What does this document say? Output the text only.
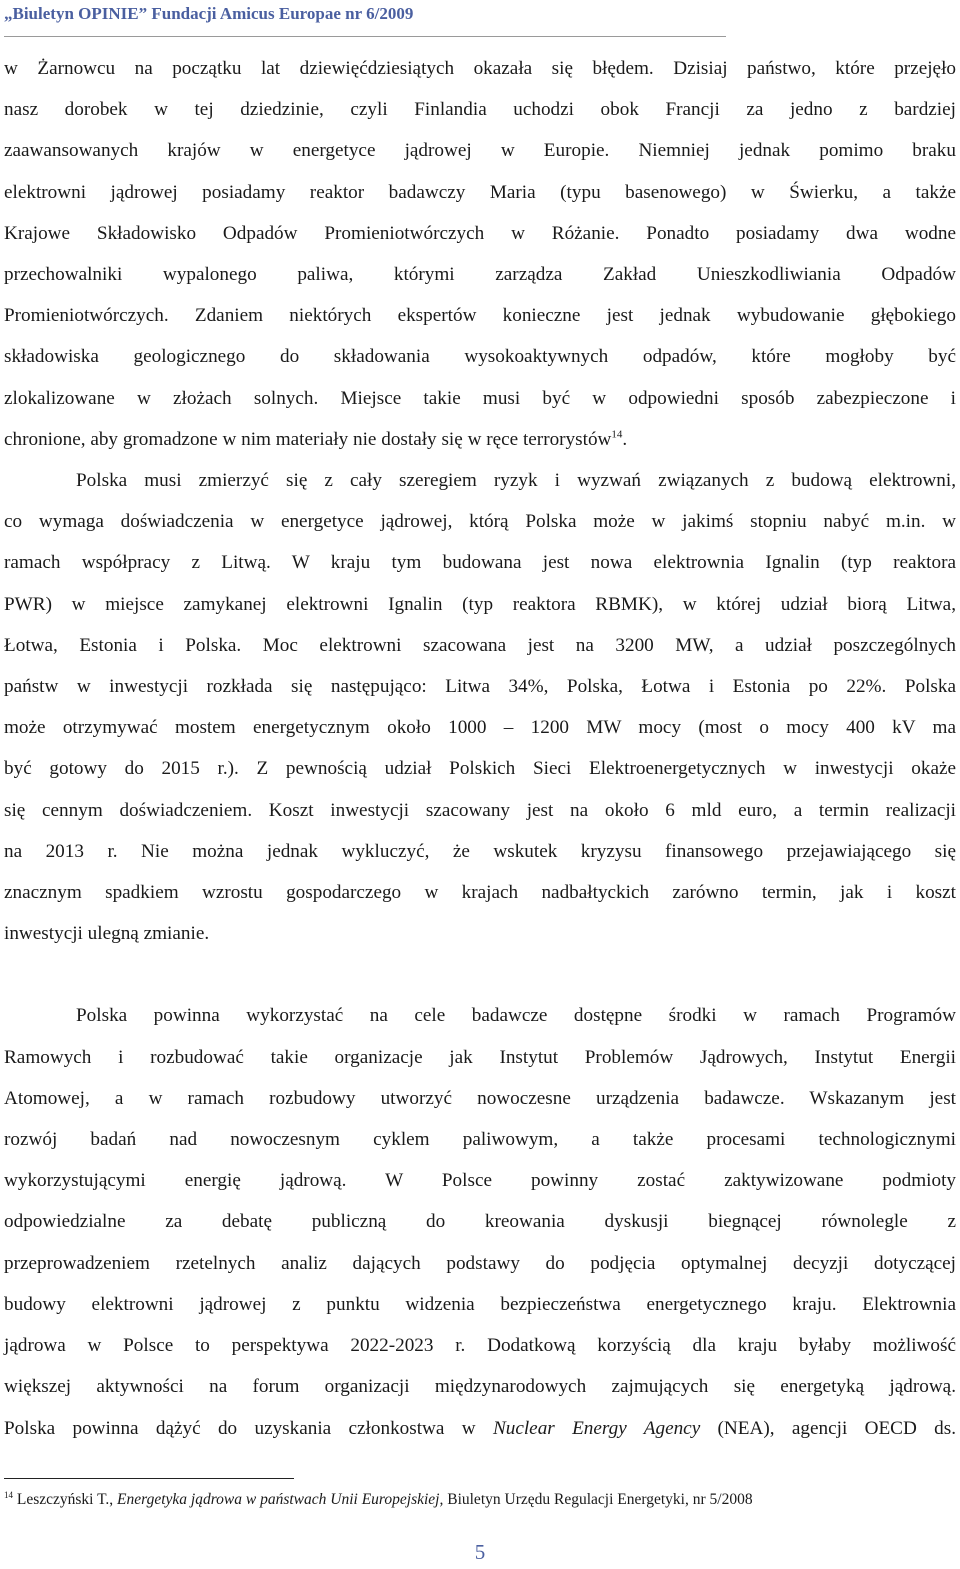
„Biuletyn OPINIE” Fundacji Amicus Europae nr 6/2009
w Żarnowcu na początku lat dziewięćdziesiątych okazała się błędem. Dzisiaj państwo, które przejęło
nasz dorobek w tej dziedzinie, czyli Finlandia uchodzi obok Francji za jedno z bardziej
zaawansowanych krajów w energetyce jądrowej w Europie. Niemniej jednak pomimo braku
elektrowni jądrowej posiadamy reaktor badawczy Maria (typu basenowego) w Świerku, a także
Krajowe Składowisko Odpadów Promieniotwórczych w Różanie. Ponadto posiadamy dwa wodne
przechowalniki wypalonego paliwa, którymi zarządza Zakład Unieszkodliwiania Odpadów
Promieniotwórczych. Zdaniem niektórych ekspertów konieczne jest jednak wybudowanie głębokiego
składowiska geologicznego do składowania wysokoaktywnych odpadów, które mogłoby być
zlokalizowane w złożach solnych. Miejsce takie musi być w odpowiedni sposób zabezpieczone i
chronione, aby gromadzone w nim materiały nie dostały się w ręce terrorystów$^{14}$.
Polska musi zmierzyć się z cały szeregiem ryzyk i wyzwań związanych z budową elektrowni,
co wymaga doświadczenia w energetyce jądrowej, którą Polska może w jakimś stopniu nabyć m.in. w
ramach współpracy z Litwą. W kraju tym budowana jest nowa elektrownia Ignalin (typ reaktora
PWR) w miejsce zamykanej elektrowni Ignalin (typ reaktora RBMK), w której udział biorą Litwa,
Łotwa, Estonia i Polska. Moc elektrowni szacowana jest na 3200 MW, a udział poszczególnych
państw w inwestycji rozkłada się następująco: Litwa 34%, Polska, Łotwa i Estonia po 22%. Polska
może otrzymywać mostem energetycznym około 1000 – 1200 MW mocy (most o mocy 400 kV ma
być gotowy do 2015 r.). Z pewnością udział Polskich Sieci Elektroenergetycznych w inwestycji okaże
się cennym doświadczeniem. Koszt inwestycji szacowany jest na około 6 mld euro, a termin realizacji
na 2013 r. Nie można jednak wykluczyć, że wskutek kryzysu finansowego przejawiającego się
znacznym spadkiem wzrostu gospodarczego w krajach nadbałtyckich zarówno termin, jak i koszt
inwestycji ulegną zmianie.
Polska powinna wykorzystać na cele badawcze dostępne środki w ramach Programów
Ramowych i rozbudować takie organizacje jak Instytut Problemów Jądrowych, Instytut Energii
Atomowej, a w ramach rozbudowy utworzyć nowoczesne urządzenia badawcze. Wskazanym jest
rozwój badań nad nowoczesnym cyklem paliwowym, a także procesami technologicznymi
wykorzystującymi energię jądrową. W Polsce powinny zostać zaktywizowane podmioty
odpowiedzialne za debatę publiczną do kreowania dyskusji biegnącej równolegle z
przeprowadzeniem rzetelnych analiz dających podstawy do podjęcia optymalnej decyzji dotyczącej
budowy elektrowni jądrowej z punktu widzenia bezpieczeństwa energetycznego kraju. Elektrownia
jądrowa w Polsce to perspektywa 2022-2023 r. Dodatkową korzyścią dla kraju byłaby możliwość
większej aktywności na forum organizacji międzynarodowych zajmujących się energetyką jądrową.
Polska powinna dążyć do uzyskania członkostwa w Nuclear Energy Agency (NEA), agencji OECD ds.
$^{14}$ Leszczyński T., Energetyka jądrowa w państwach Unii Europejskiej, Biuletyn Urzędu Regulacji Energetyki, nr 5/2008
5
